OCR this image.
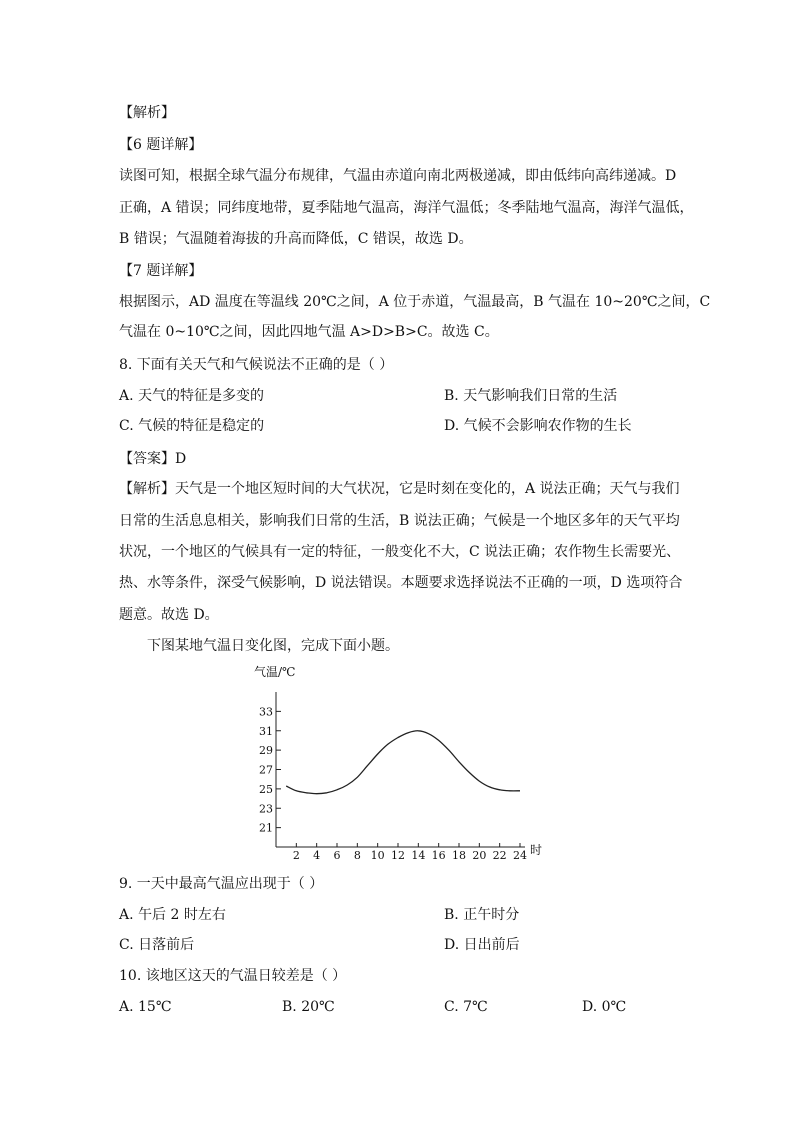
【解析】
【6 题详解】
读图可知，根据全球气温分布规律，气温由赤道向南北两极递减，即由低纬向高纬递减。D
正确，A 错误；同纬度地带，夏季陆地气温高，海洋气温低；冬季陆地气温高，海洋气温低，
B 错误；气温随着海拔的升高而降低，C 错误，故选 D。
【7 题详解】
根据图示，AD 温度在等温线 20℃之间，A 位于赤道，气温最高，B 气温在 10~20℃之间，C
气温在 0~10℃之间，因此四地气温 A>D>B>C。故选 C。
8. 下面有关天气和气候说法不正确的是（ ）
A. 天气的特征是多变的	B. 天气影响我们日常的生活
C. 气候的特征是稳定的	D. 气候不会影响农作物的生长
【答案】D
【解析】天气是一个地区短时间的大气状况，它是时刻在变化的，A 说法正确；天气与我们
日常的生活息息相关，影响我们日常的生活，B 说法正确；气候是一个地区多年的天气平均
状况，一个地区的气候具有一定的特征，一般变化不大，C 说法正确；农作物生长需要光、
热、水等条件，深受气候影响，D 说法错误。本题要求选择说法不正确的一项，D 选项符合
题意。故选 D。
下图某地气温日变化图，完成下面小题。
气温/℃
时
21
23
25
27
29
31
33
2 4 6 8 10 12 14 16 18 20 22 24
9. 一天中最高气温应出现于（ ）
A. 午后 2 时左右	B. 正午时分
C. 日落前后	D. 日出前后
10. 该地区这天的气温日较差是（ ）
A. 15℃	B. 20℃	C. 7℃	D. 0℃
